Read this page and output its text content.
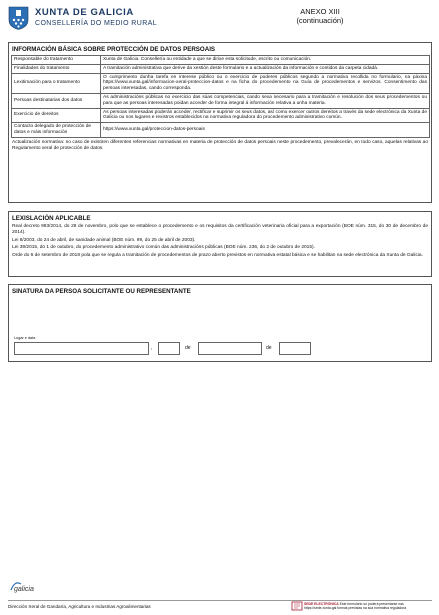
XUNTA DE GALICIA
CONSELLERÍA DO MEDIO RURAL
ANEXO XIII
(continuación)
INFORMACIÓN BÁSICA SOBRE PROTECCIÓN DE DATOS PERSOAIS
Responsable do tratamento	Xunta de Galicia. Consellería ou entidade a que se dirixe esta solicitude, escrito ou comunicación.
Finalidades do tratamento	A tramitación administrativa que derive da xestión deste formulario e a actualización da información e contidos da carpeta cidadá.
Lexitimación para o tratamento	O cumprimento dunha tarefa en interese público ou o exercicio de poderes públicos segundo a normativa recollida no formulario, na páxina https://www.xunta.gal/informacion-xeral-proteccion-datos e na ficha do procedemento na Guía de procedementos e servizos. Consentimento das persoas interesadas, cando corresponda.
Persoas destinatarias dos datos	As administracións públicas no exercicio das súas competencias, cando sexa necesario para a tramitación e resolución dos seus procedementos ou para que as persoas interesadas poidan acceder de forma integral á información relativa a unha materia.
Exercicio de dereitos	As persoas interesadas poderán acceder, rectificar e suprimir os seus datos, así como exercer outros dereitos a través da sede electrónica da Xunta de Galicia ou nos lugares e rexistros establecidos na normativa reguladora do procedemento administrativo común.
Contacto delegado de protección de datos e máis información	https://www.xunta.gal/proteccion-datos-persoais
Actualización normativa: no caso de existiren diferentes referencias normativas en materia de protección de datos persoais neste procedemento, prevalecerán, en todo caso, aquelas relativas ao Regulamento xeral de protección de datos.
LEXISLACIÓN APLICABLE
Real decreto 993/2014, do 28 de novembro, polo que se establece o procedemento e os requisitos da certificación veterinaria oficial para a exportación (BOE núm. 315, do 30 de decembro de 2014).
Lei 8/2003, do 24 de abril, de sanidade animal (BOE núm. 99, do 25 de abril de 2003).
Lei 39/2015, do 1 de outubro, do procedemento administrativo común das administracións públicas (BOE núm. 236, do 2 de outubro de 2015).
Orde do 6 de setembro de 2018 pola que se regula a tramitación de procedementos de prazo aberto previstos en normativa estatal básica e se habilitan na sede electrónica da Xunta de Galicia.
SINATURA DA PERSOA SOLICITANTE OU REPRESENTANTE
Lugar e data
,	de	de
galicia
Dirección Xeral de Gandaría, Agricultura e Industrias Agroalimentarias	SEDE ELECTRÓNICA Este formulario só poderá presentarse nas
https://sede.xunta.gal formas previstas na súa normativa reguladora
